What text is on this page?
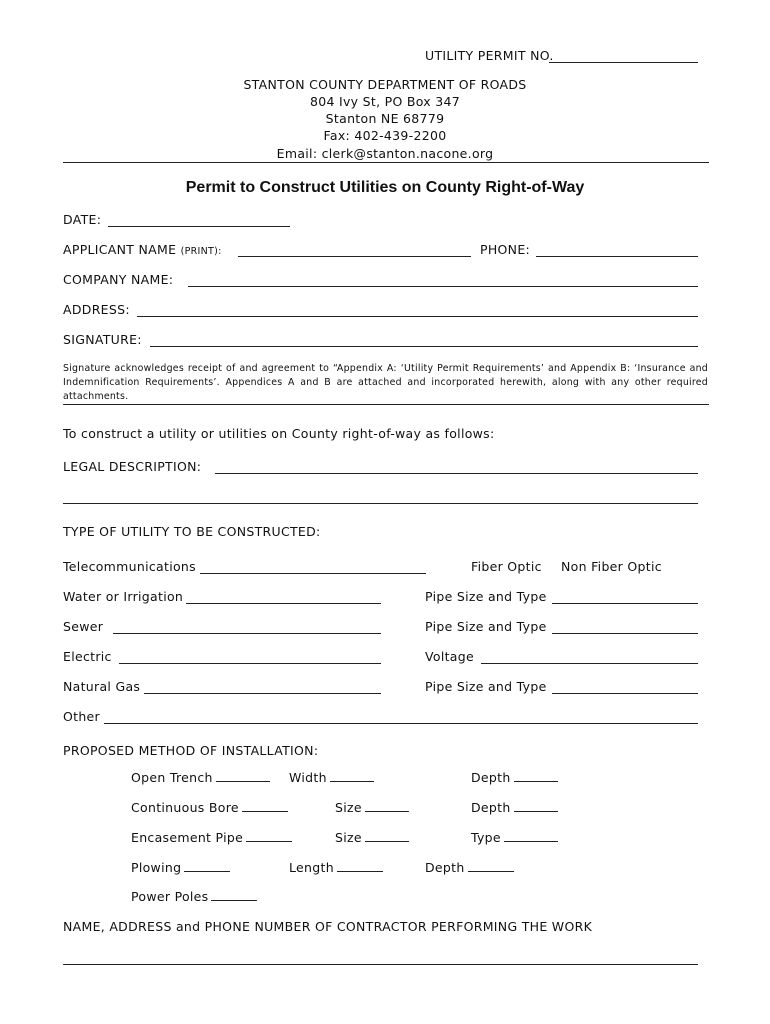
UTILITY PERMIT NO.
STANTON COUNTY DEPARTMENT OF ROADS
804 Ivy St, PO Box 347
Stanton NE 68779
Fax: 402-439-2200
Email: clerk@stanton.nacone.org
Permit to Construct Utilities on County Right-of-Way
DATE:
APPLICANT NAME (PRINT):	PHONE:
COMPANY NAME:
ADDRESS:
SIGNATURE:
Signature acknowledges receipt of and agreement to “Appendix A: ‘Utility Permit Requirements’ and Appendix B: ‘Insurance and Indemnification Requirements’. Appendices A and B are attached and incorporated herewith, along with any other required attachments.
To construct a utility or utilities on County right-of-way as follows:
LEGAL DESCRIPTION:
TYPE OF UTILITY TO BE CONSTRUCTED:
Telecommunications	Fiber Optic Non Fiber Optic
Water or Irrigation	Pipe Size and Type
Sewer	Pipe Size and Type
Electric	Voltage
Natural Gas	Pipe Size and Type
Other
PROPOSED METHOD OF INSTALLATION:
Open Trench	Width	Depth
Continuous Bore	Size	Depth
Encasement Pipe	Size	Type
Plowing	Length	Depth
Power Poles
NAME, ADDRESS and PHONE NUMBER OF CONTRACTOR PERFORMING THE WORK
